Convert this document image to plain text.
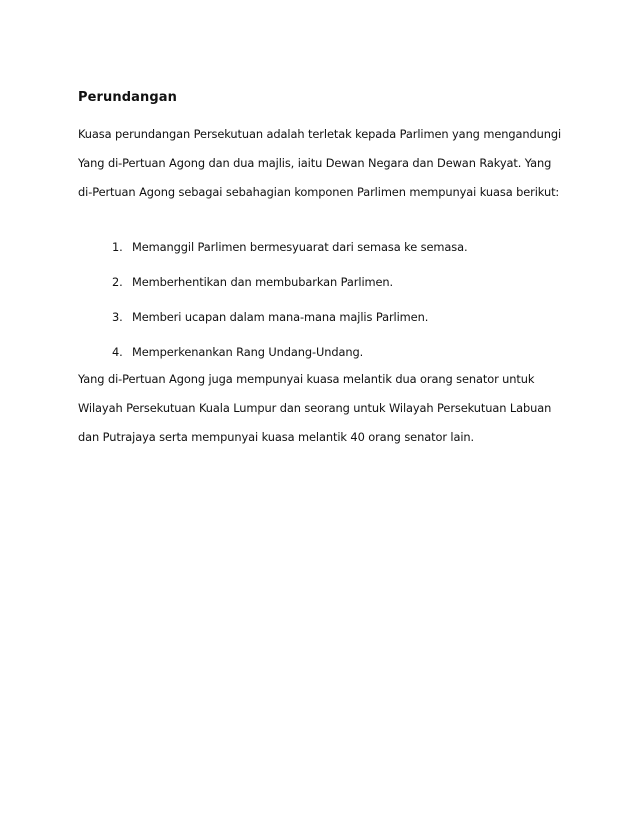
Perundangan
Kuasa perundangan Persekutuan adalah terletak kepada Parlimen yang mengandungi
Yang di-Pertuan Agong dan dua majlis, iaitu Dewan Negara dan Dewan Rakyat. Yang
di-Pertuan Agong sebagai sebahagian komponen Parlimen mempunyai kuasa berikut:
1. Memanggil Parlimen bermesyuarat dari semasa ke semasa.
2. Memberhentikan dan membubarkan Parlimen.
3. Memberi ucapan dalam mana-mana majlis Parlimen.
4. Memperkenankan Rang Undang-Undang.
Yang di-Pertuan Agong juga mempunyai kuasa melantik dua orang senator untuk
Wilayah Persekutuan Kuala Lumpur dan seorang untuk Wilayah Persekutuan Labuan
dan Putrajaya serta mempunyai kuasa melantik 40 orang senator lain.
